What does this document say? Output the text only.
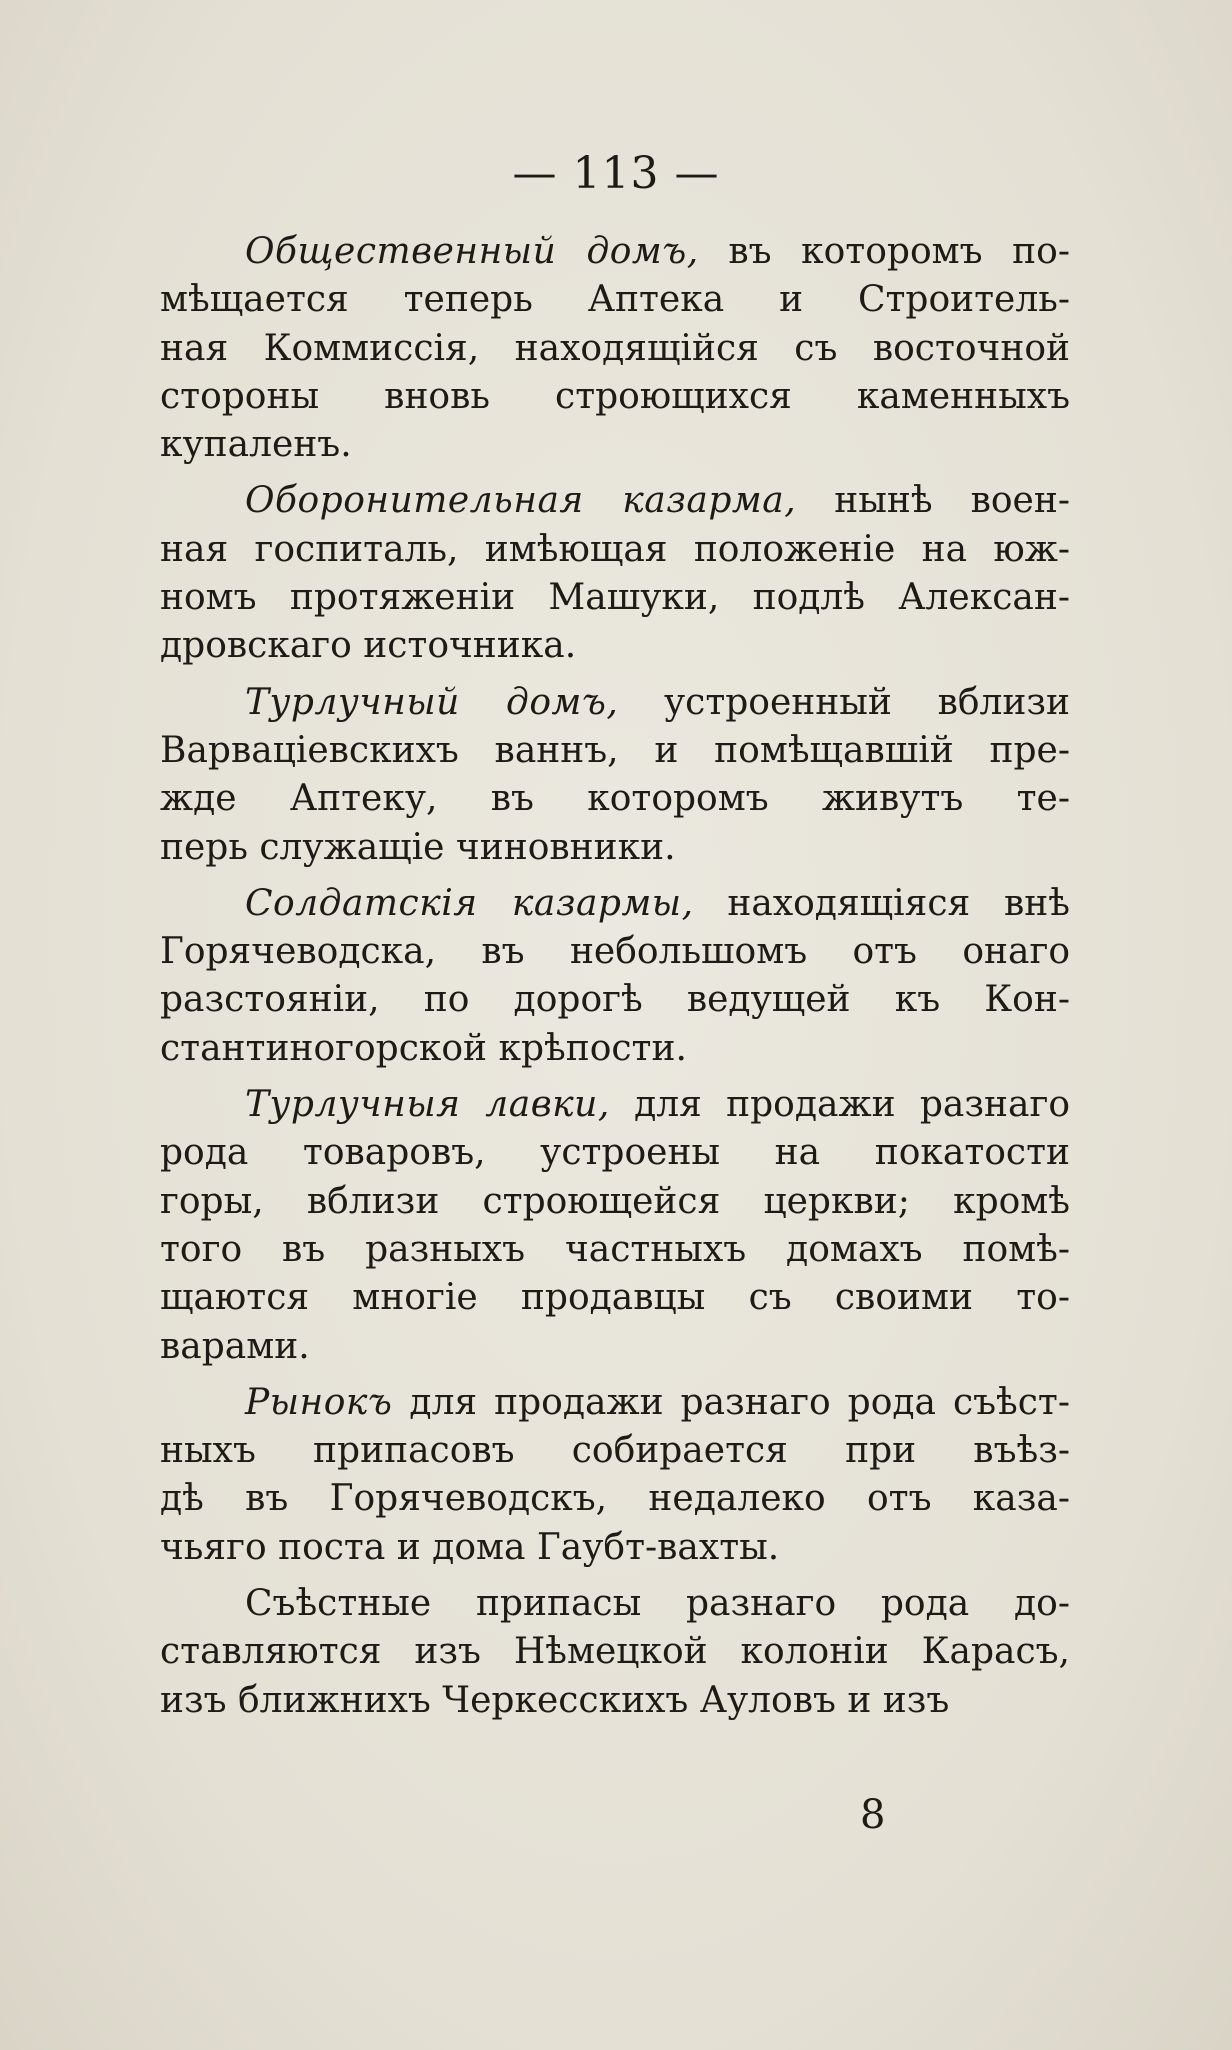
— 113 —
Общественный домъ, въ которомъ по-
мѣщается теперь Аптека и Строитель-
ная Коммиссія, находящійся съ восточной
стороны вновь строющихся каменныхъ
купаленъ.
Оборонительная казарма, нынѣ воен-
ная госпиталь, имѣющая положеніе на юж-
номъ протяженіи Машуки, подлѣ Алексан-
дровскаго источника.
Турлучный домъ, устроенный вблизи
Варваціевскихъ ваннъ, и помѣщавшій пре-
жде Аптеку, въ которомъ живутъ те-
перь служащіе чиновники.
Солдатскія казармы, находящіяся внѣ
Горячеводска, въ небольшомъ отъ онаго
разстояніи, по дорогѣ ведущей къ Кон-
стантиногорской крѣпости.
Турлучныя лавки, для продажи разнаго
рода товаровъ, устроены на покатости
горы, вблизи строющейся церкви; кромѣ
того въ разныхъ частныхъ домахъ помѣ-
щаются многіе продавцы съ своими то-
варами.
Рынокъ для продажи разнаго рода съѣст-
ныхъ припасовъ собирается при въѣз-
дѣ въ Горячеводскъ, недалеко отъ каза-
чьяго поста и дома Гаубт-вахты.
Съѣстные припасы разнаго рода до-
ставляются изъ Нѣмецкой колоніи Карасъ,
изъ ближнихъ Черкесскихъ Ауловъ и изъ
8
